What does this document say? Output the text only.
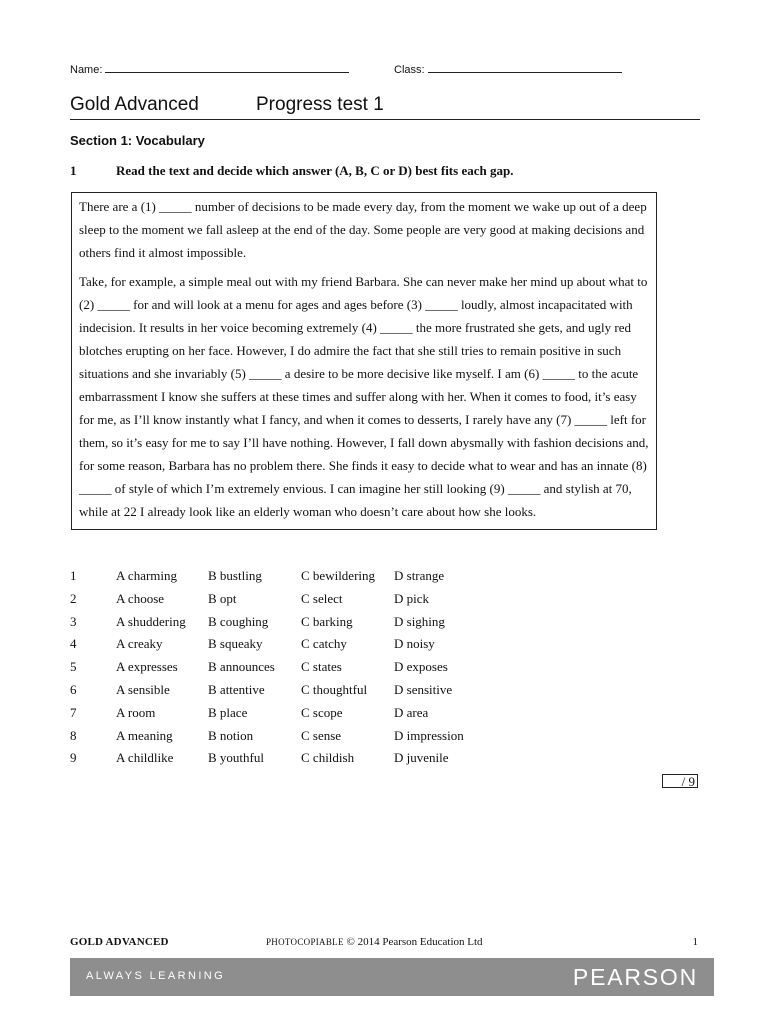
Name:	Class:
Gold Advanced	Progress test 1
Section 1: Vocabulary
1	Read the text and decide which answer (A, B, C or D) best fits each gap.

There are a (1) _____ number of decisions to be made every day, from the moment we wake up out of a deep sleep to the moment we fall asleep at the end of the day. Some people are very good at making decisions and others find it almost impossible.

Take, for example, a simple meal out with my friend Barbara. She can never make her mind up about what to (2) _____ for and will look at a menu for ages and ages before (3) _____ loudly, almost incapacitated with indecision. It results in her voice becoming extremely (4) _____ the more frustrated she gets, and ugly red blotches erupting on her face. However, I do admire the fact that she still tries to remain positive in such situations and she invariably (5) _____ a desire to be more decisive like myself. I am (6) _____ to the acute embarrassment I know she suffers at these times and suffer along with her. When it comes to food, it’s easy for me, as I’ll know instantly what I fancy, and when it comes to desserts, I rarely have any (7) _____ left for them, so it’s easy for me to say I’ll have nothing. However, I fall down abysmally with fashion decisions and, for some reason, Barbara has no problem there. She finds it easy to decide what to wear and has an innate (8) _____ of style of which I’m extremely envious. I can imagine her still looking (9) _____ and stylish at 70, while at 22 I already look like an elderly woman who doesn’t care about how she looks.

1	A charming B bustling	C bewildering D strange
2	A choose	B opt	C select	D pick
3	A shuddering B coughing	C barking	D sighing
4	A creaky	B squeaky	C catchy	D noisy
5	A expresses B announces C states	D exposes
6	A sensible	B attentive	C thoughtful D sensitive
7	A room	B place	C scope	D area
8	A meaning	B notion	C sense	D impression
9	A childlike	B youthful	C childish	D juvenile
/ 9
GOLD ADVANCED	PHOTOCOPIABLE © 2014 Pearson Education Ltd	1
ALWAYS LEARNING	PEARSON
